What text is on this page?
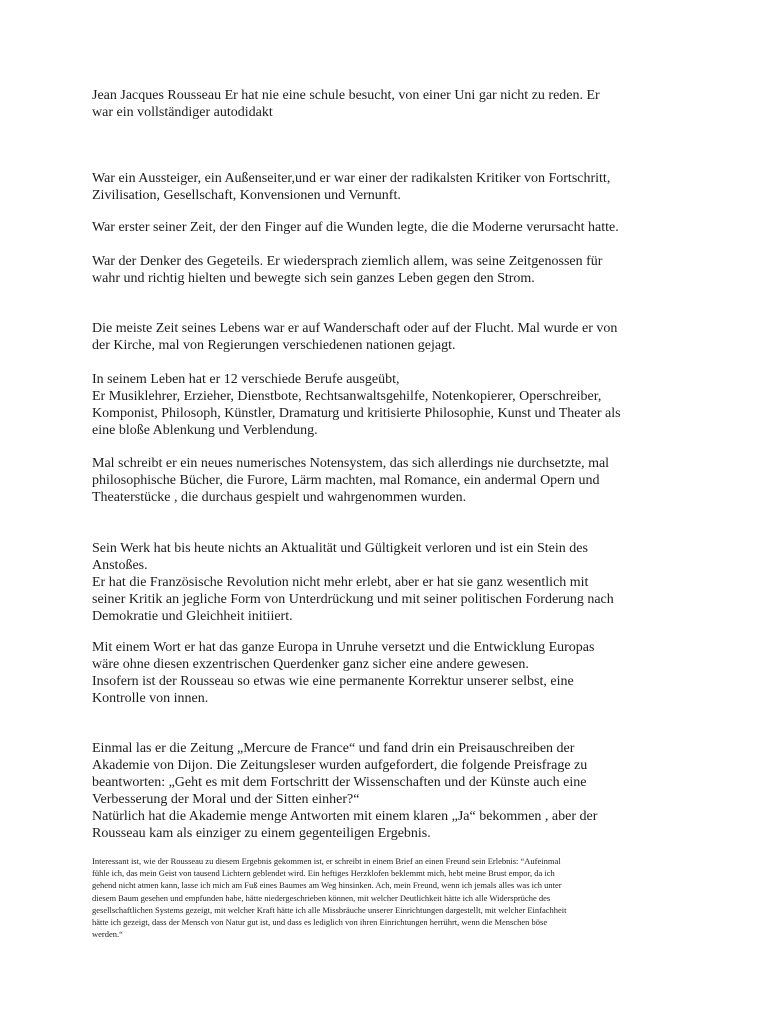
Jean Jacques Rousseau Er hat nie eine schule besucht, von einer Uni gar nicht zu reden. Er
war ein vollständiger autodidakt

War ein Aussteiger, ein Außenseiter,und er war einer der radikalsten Kritiker von Fortschritt,
Zivilisation, Gesellschaft, Konvensionen und Vernunft.

War erster seiner Zeit, der den Finger auf die Wunden legte, die die Moderne verursacht hatte.

War der Denker des Gegeteils. Er wiedersprach ziemlich allem, was seine Zeitgenossen für
wahr und richtig hielten und bewegte sich sein ganzes Leben gegen den Strom.

Die meiste Zeit seines Lebens war er auf Wanderschaft oder auf der Flucht. Mal wurde er von
der Kirche, mal von Regierungen verschiedenen nationen gejagt.

In seinem Leben hat er 12 verschiede Berufe ausgeübt,
Er Musiklehrer, Erzieher, Dienstbote, Rechtsanwaltsgehilfe, Notenkopierer, Operschreiber,
Komponist, Philosoph, Künstler, Dramaturg und kritisierte Philosophie, Kunst und Theater als
eine bloße Ablenkung und Verblendung.

Mal schreibt er ein neues numerisches Notensystem, das sich allerdings nie durchsetzte, mal
philosophische Bücher, die Furore, Lärm machten, mal Romance, ein andermal Opern und
Theaterstücke , die durchaus gespielt und wahrgenommen wurden.

Sein Werk hat bis heute nichts an Aktualität und Gültigkeit verloren und ist ein Stein des
Anstoßes.
Er hat die Französische Revolution nicht mehr erlebt, aber er hat sie ganz wesentlich mit
seiner Kritik an jegliche Form von Unterdrückung und mit seiner politischen Forderung nach
Demokratie und Gleichheit initiiert.

Mit einem Wort er hat das ganze Europa in Unruhe versetzt und die Entwicklung Europas
wäre ohne diesen exzentrischen Querdenker ganz sicher eine andere gewesen.
Insofern ist der Rousseau so etwas wie eine permanente Korrektur unserer selbst, eine
Kontrolle von innen.

Einmal las er die Zeitung „Mercure de France“ und fand drin ein Preisauschreiben der
Akademie von Dijon. Die Zeitungsleser wurden aufgefordert, die folgende Preisfrage zu
beantworten: „Geht es mit dem Fortschritt der Wissenschaften und der Künste auch eine
Verbesserung der Moral und der Sitten einher?“
Natürlich hat die Akademie menge Antworten mit einem klaren „Ja“ bekommen , aber der
Rousseau kam als einziger zu einem gegenteiligen Ergebnis.

Interessant ist, wie der Rousseau zu diesem Ergebnis gekommen ist, er schreibt in einem Brief an einen Freund sein Erlebnis: “Aufeinmal
fühle ich, das mein Geist von tausend Lichtern geblendet wird. Ein heftiges Herzklofen beklemmt mich, hebt meine Brust empor, da ich
gehend nicht atmen kann, lasse ich mich am Fuß eines Baumes am Weg hinsinken. Ach, mein Freund, wenn ich jemals alles was ich unter
diesem Baum gesehen und empfunden habe, hätte niedergeschrieben können, mit welcher Deutlichkeit hätte ich alle Widersprüche des
gesellschaftlichen Systems gezeigt, mit welcher Kraft hätte ich alle Missbräuche unserer Einrichtungen dargestellt, mit welcher Einfachheit
hätte ich gezeigt, dass der Mensch von Natur gut ist, und dass es lediglich von ihren Einrichtungen herrührt, wenn die Menschen böse
werden.“
